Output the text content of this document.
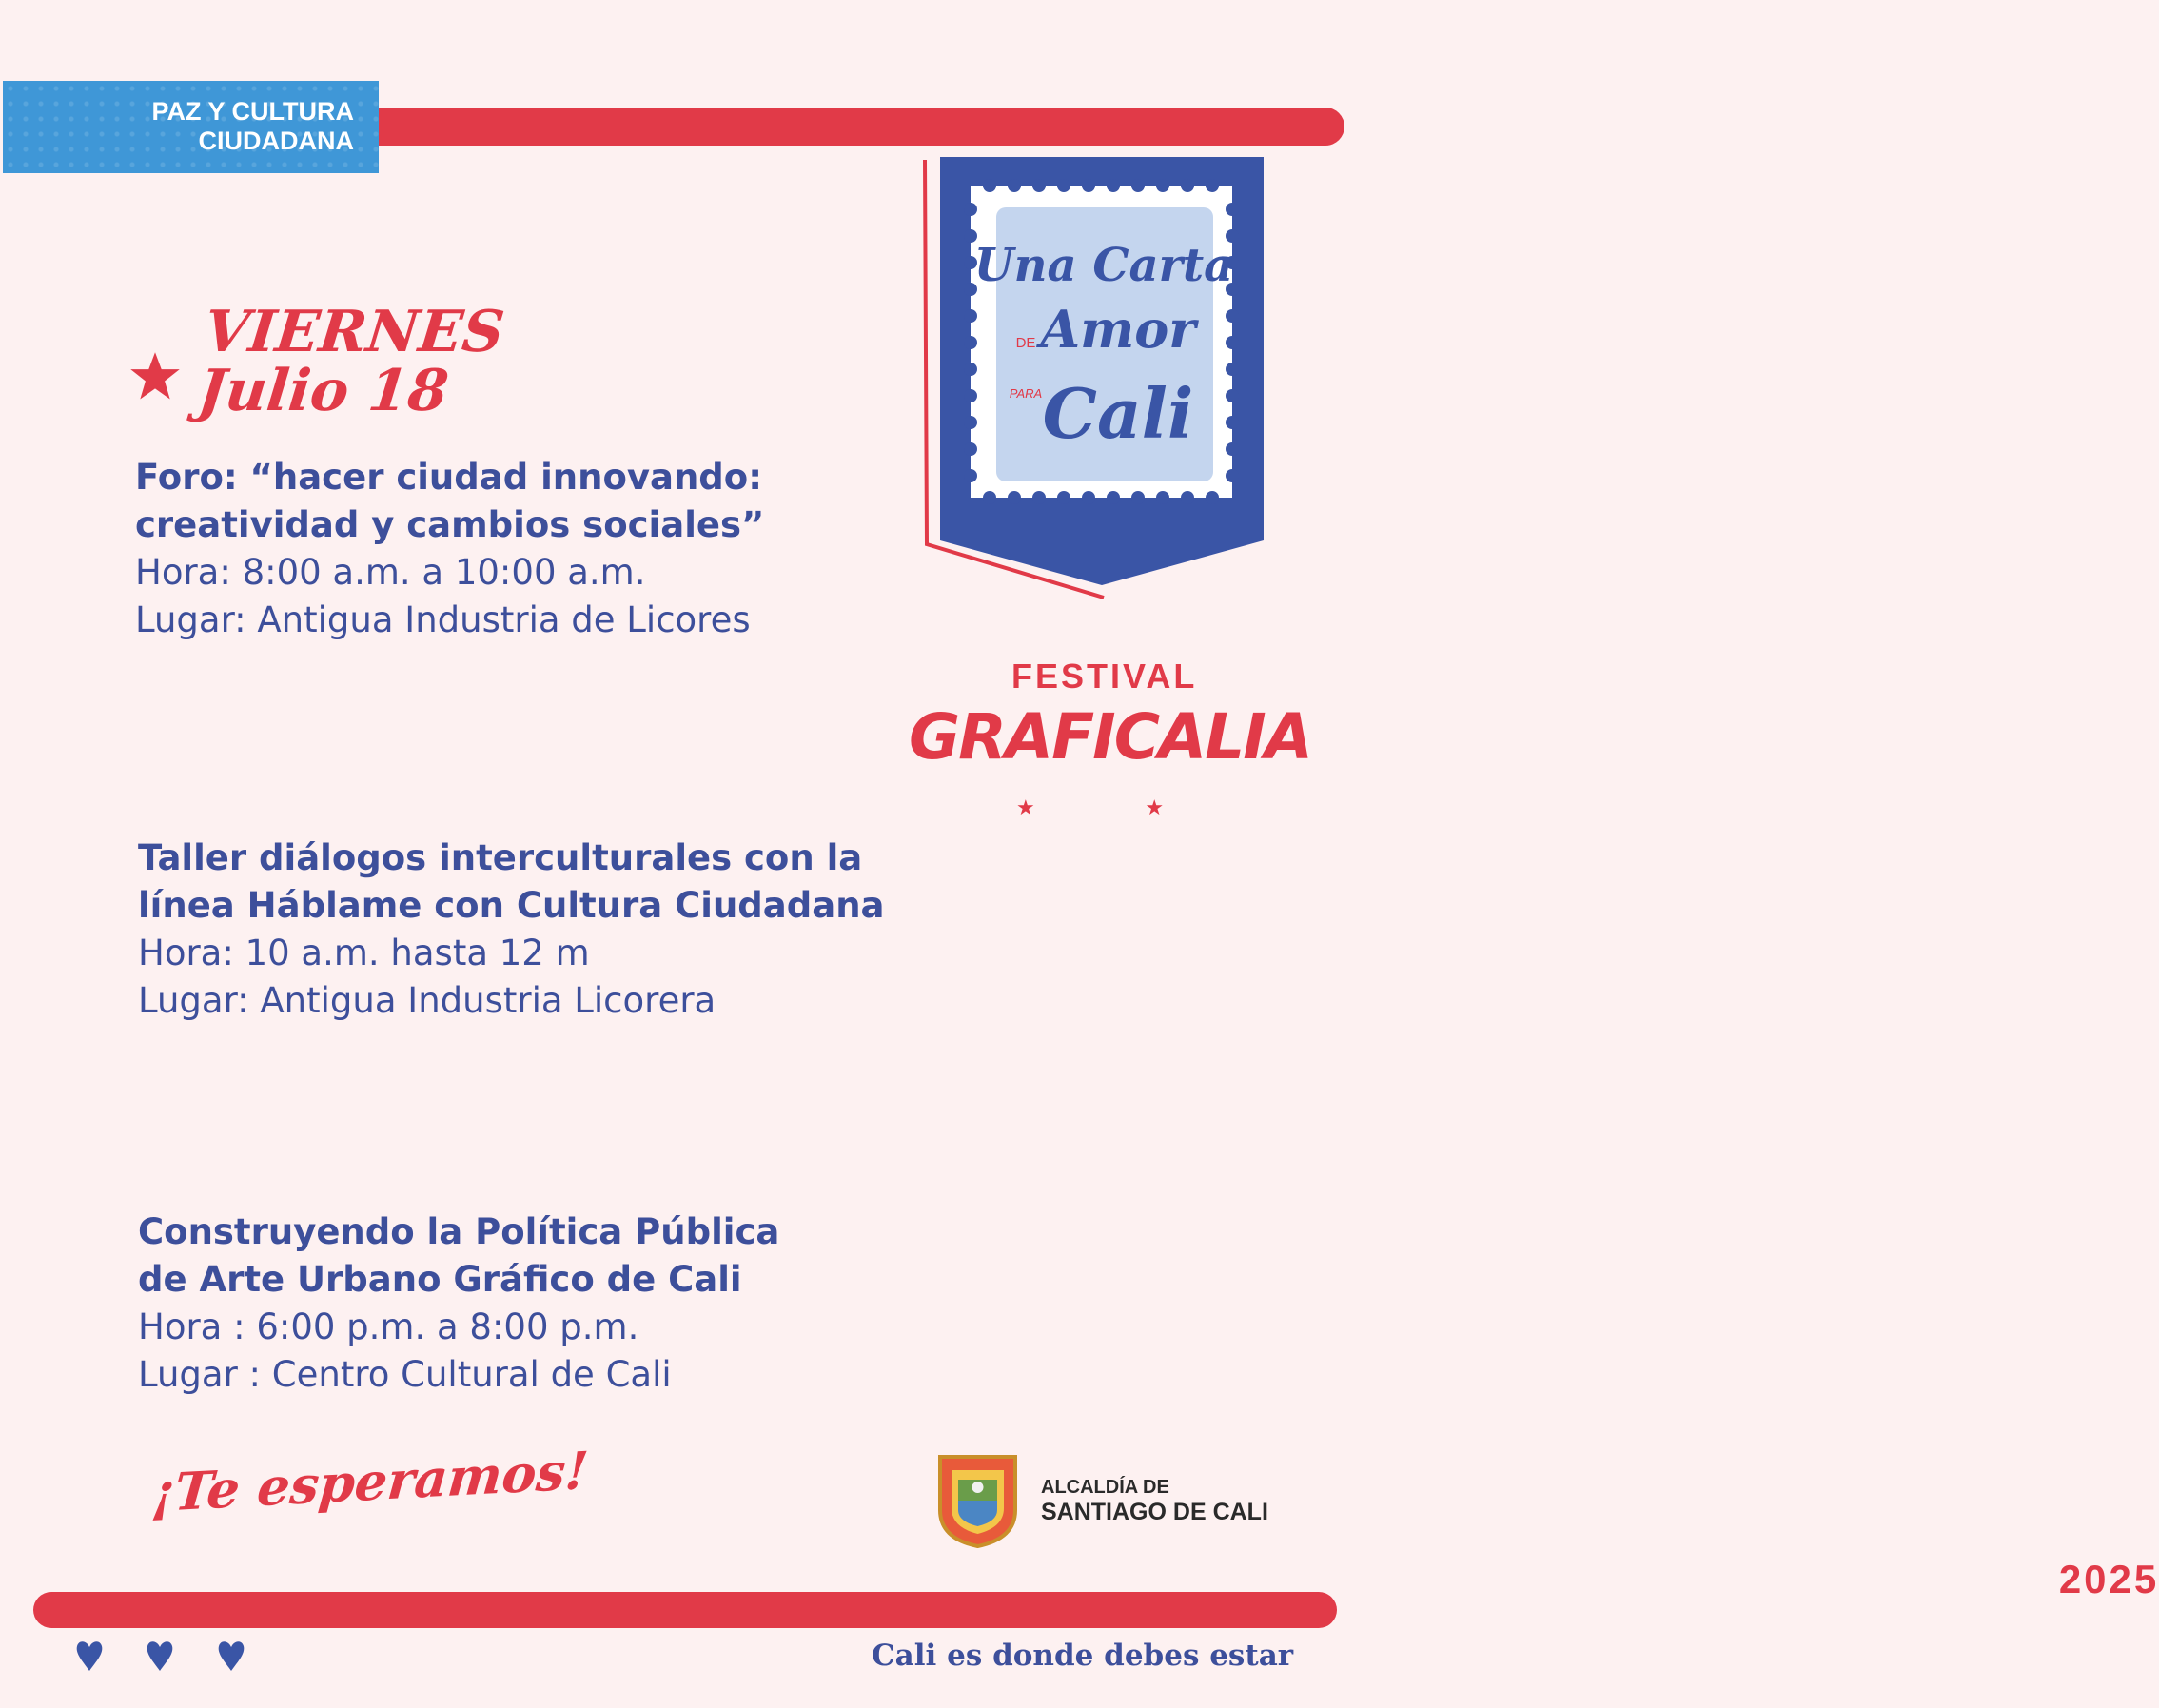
PAZ Y CULTURA
CIUDADANA
Una Carta
DE Amor
PARA Cali
VIERNES
Julio 18
Foro: “hacer ciudad innovando:
creatividad y cambios sociales”
Hora: 8:00 a.m. a 10:00 a.m.
Lugar: Antigua Industria de Licores
Taller diálogos interculturales con la
línea Háblame con Cultura Ciudadana
Hora: 10 a.m. hasta 12 m
Lugar: Antigua Industria Licorera
Construyendo la Política Pública
de Arte Urbano Gráfico de Cali
Hora : 6:00 p.m. a 8:00 p.m.
Lugar : Centro Cultural de Cali
FESTIVAL
GRAFICALIA
★ 2025 ★
¡Te esperamos!	ALCALDÍA DE
SANTIAGO DE CALI
Cali es donde debes estar
